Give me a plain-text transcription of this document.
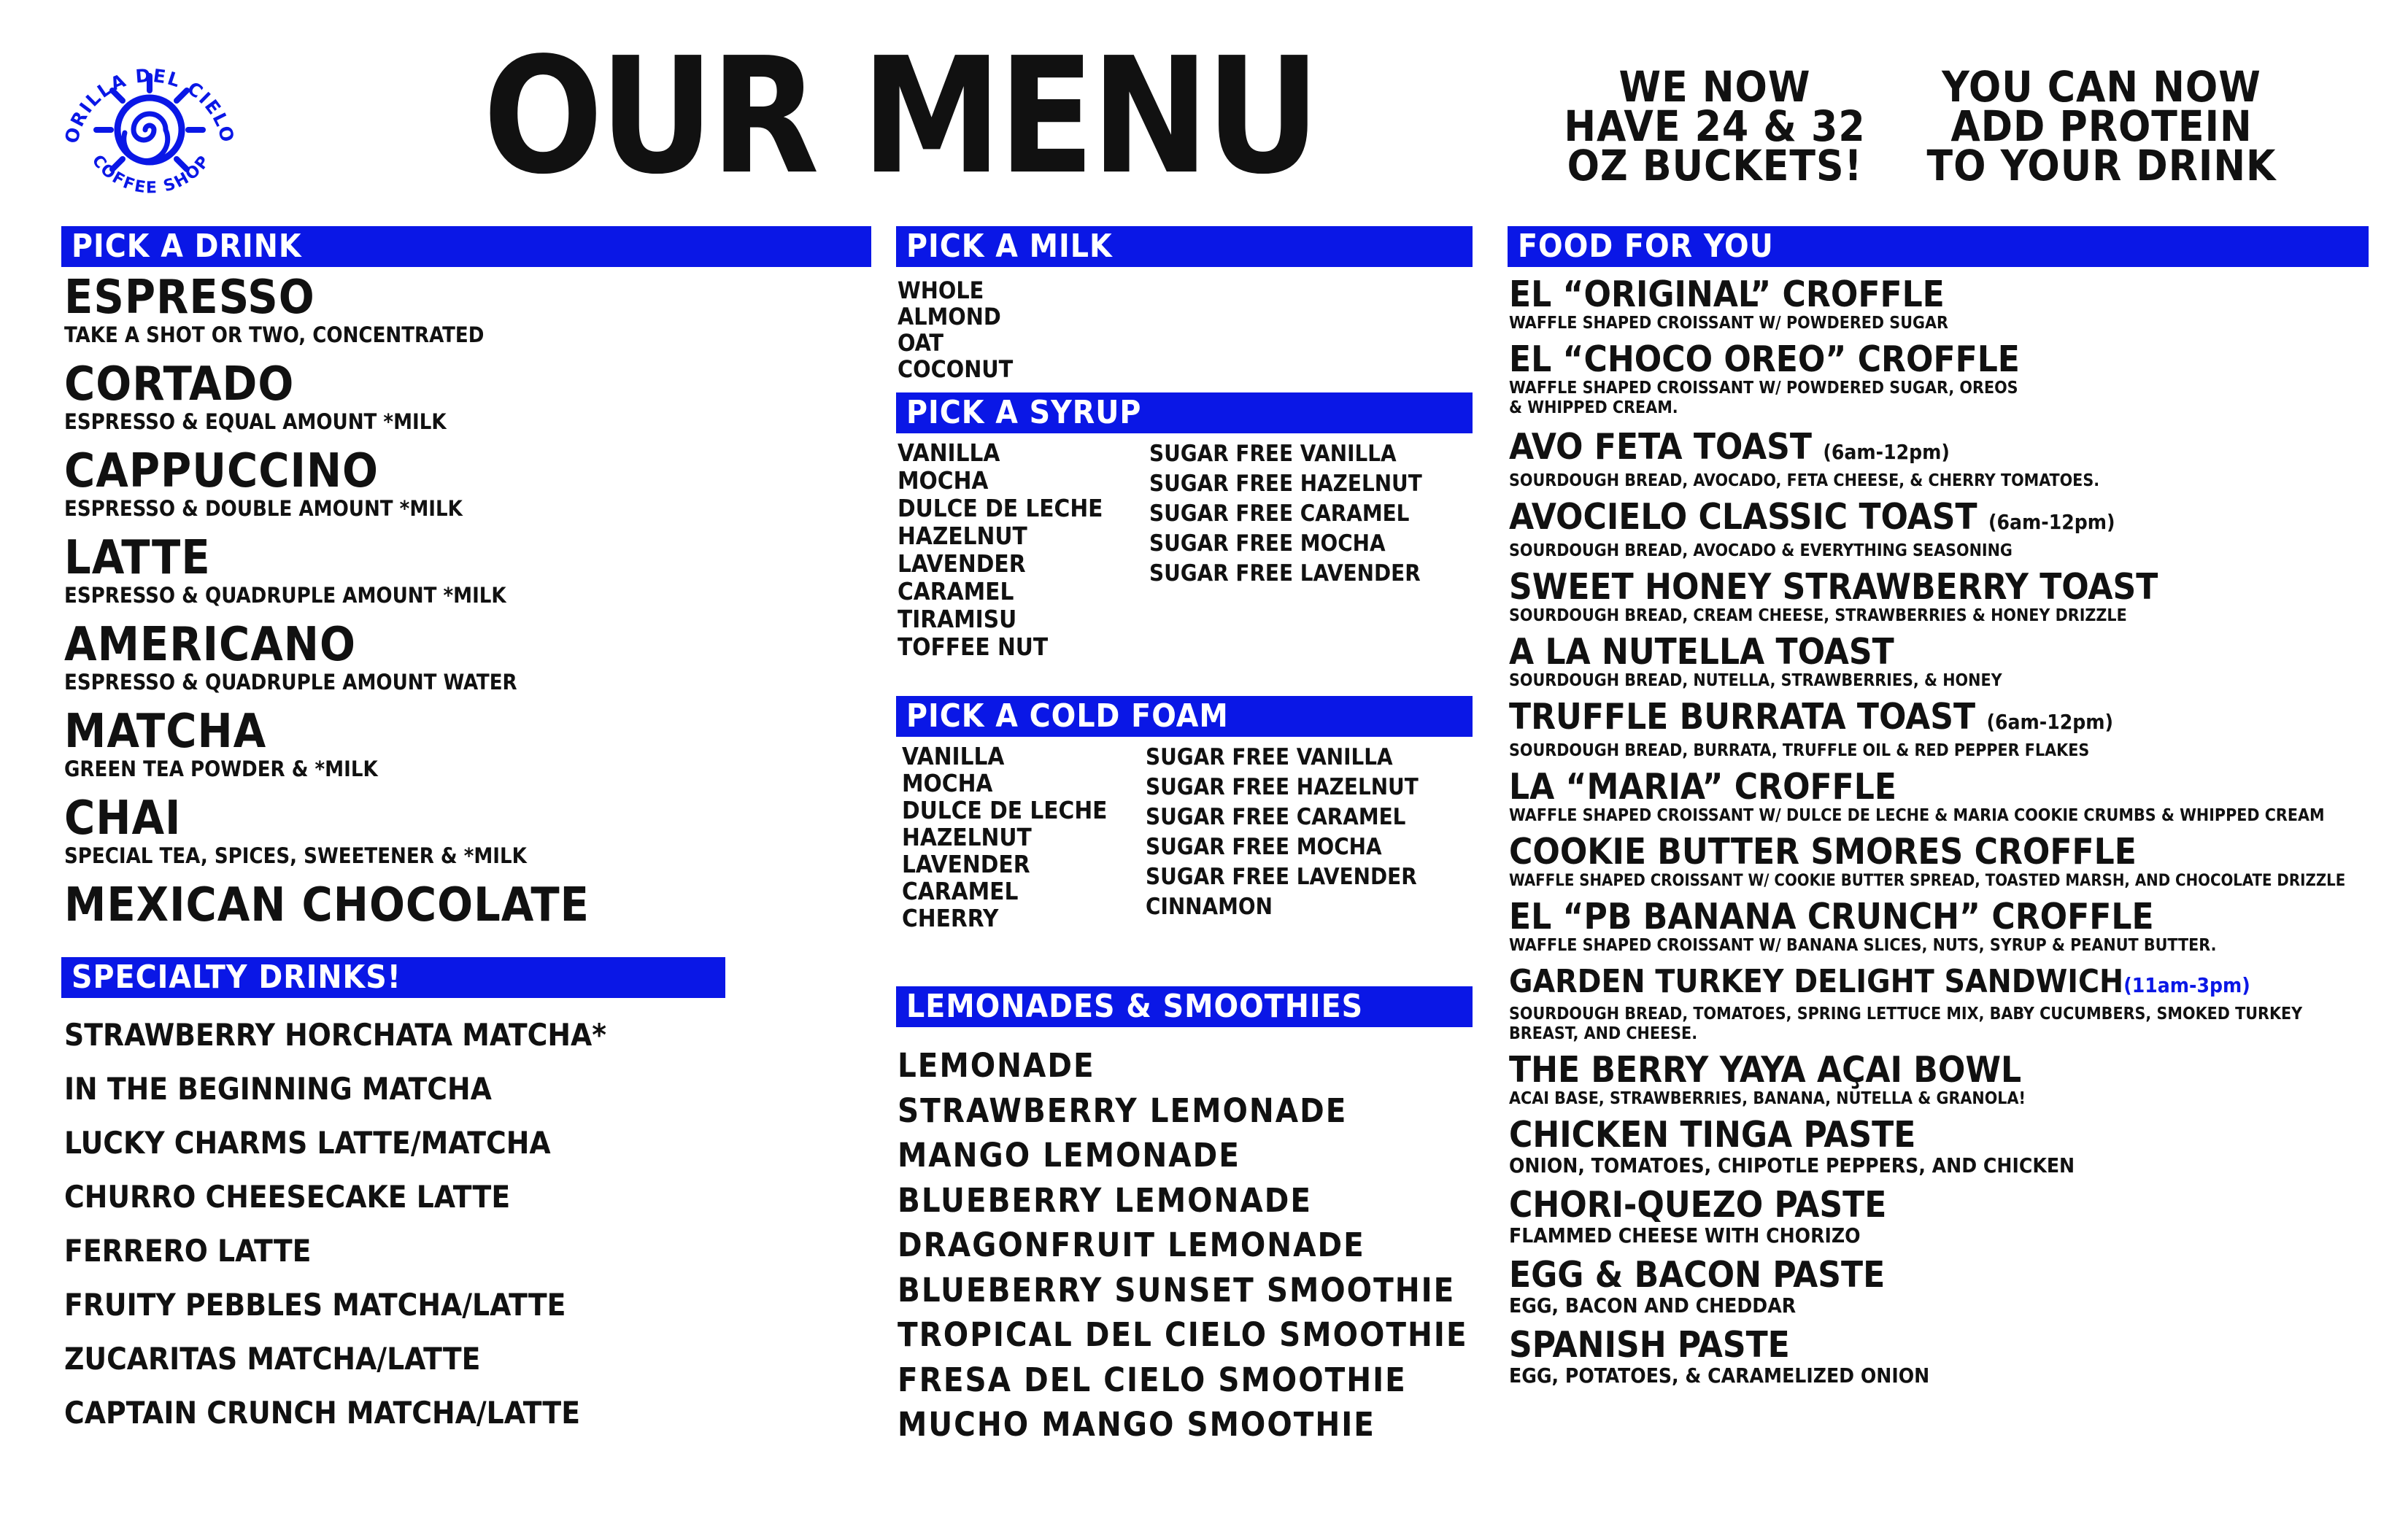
ORILLA DEL CIELO
COFFEE SHOP OUR MENU	WE NOW HAVE 24 & 32 OZ BUCKETS!
YOU CAN NOW ADD PROTEIN TO YOUR DRINK
PICK A DRINK
ESPRESSO
TAKE A SHOT OR TWO, CONCENTRATED
CORTADO
ESPRESSO & EQUAL AMOUNT *MILK
CAPPUCCINO
ESPRESSO & DOUBLE AMOUNT *MILK
LATTE
ESPRESSO & QUADRUPLE AMOUNT *MILK
AMERICANO
ESPRESSO & QUADRUPLE AMOUNT WATER
MATCHA
GREEN TEA POWDER & *MILK
CHAI
SPECIAL TEA, SPICES, SWEETENER & *MILK
MEXICAN CHOCOLATE
SPECIALTY DRINKS!
STRAWBERRY HORCHATA MATCHA*
IN THE BEGINNING MATCHA
LUCKY CHARMS LATTE/MATCHA
CHURRO CHEESECAKE LATTE
FERRERO LATTE
FRUITY PEBBLES MATCHA/LATTE
ZUCARITAS MATCHA/LATTE
CAPTAIN CRUNCH MATCHA/LATTE
PICK A MILK
WHOLE
ALMOND
OAT
COCONUT
PICK A SYRUP
VANILLA
MOCHA
DULCE DE LECHE
HAZELNUT
LAVENDER
CARAMEL
TIRAMISU
TOFFEE NUT
SUGAR FREE VANILLA
SUGAR FREE HAZELNUT
SUGAR FREE CARAMEL
SUGAR FREE MOCHA
SUGAR FREE LAVENDER
PICK A COLD FOAM
VANILLA
MOCHA
DULCE DE LECHE
HAZELNUT
LAVENDER
CARAMEL
CHERRY
SUGAR FREE VANILLA
SUGAR FREE HAZELNUT
SUGAR FREE CARAMEL
SUGAR FREE MOCHA
SUGAR FREE LAVENDER
CINNAMON
LEMONADES & SMOOTHIES
LEMONADE
STRAWBERRY LEMONADE
MANGO LEMONADE
BLUEBERRY LEMONADE
DRAGONFRUIT LEMONADE
BLUEBERRY SUNSET SMOOTHIE
TROPICAL DEL CIELO SMOOTHIE
FRESA DEL CIELO SMOOTHIE
MUCHO MANGO SMOOTHIE
FOOD FOR YOU
EL “ORIGINAL” CROFFLE
WAFFLE SHAPED CROISSANT W/ POWDERED SUGAR
EL “CHOCO OREO” CROFFLE
WAFFLE SHAPED CROISSANT W/ POWDERED SUGAR, OREOS & WHIPPED CREAM.
AVO FETA TOAST (6am-12pm)
SOURDOUGH BREAD, AVOCADO, FETA CHEESE, & CHERRY TOMATOES.
AVOCIELO CLASSIC TOAST (6am-12pm)
SOURDOUGH BREAD, AVOCADO & EVERYTHING SEASONING
SWEET HONEY STRAWBERRY TOAST
SOURDOUGH BREAD, CREAM CHEESE, STRAWBERRIES & HONEY DRIZZLE
A LA NUTELLA TOAST
SOURDOUGH BREAD, NUTELLA, STRAWBERRIES, & HONEY
TRUFFLE BURRATA TOAST (6am-12pm)
SOURDOUGH BREAD, BURRATA, TRUFFLE OIL & RED PEPPER FLAKES
LA “MARIA” CROFFLE
WAFFLE SHAPED CROISSANT W/ DULCE DE LECHE & MARIA COOKIE CRUMBS & WHIPPED CREAM
COOKIE BUTTER SMORES CROFFLE
WAFFLE SHAPED CROISSANT W/ COOKIE BUTTER SPREAD, TOASTED MARSH, AND CHOCOLATE DRIZZLE
EL “PB BANANA CRUNCH” CROFFLE
WAFFLE SHAPED CROISSANT W/ BANANA SLICES, NUTS, SYRUP & PEANUT BUTTER.
GARDEN TURKEY DELIGHT SANDWICH(11am-3pm)
SOURDOUGH BREAD, TOMATOES, SPRING LETTUCE MIX, BABY CUCUMBERS, SMOKED TURKEY BREAST, AND CHEESE.
THE BERRY YAYA AÇAI BOWL
ACAI BASE, STRAWBERRIES, BANANA, NUTELLA & GRANOLA!
CHICKEN TINGA PASTE
ONION, TOMATOES, CHIPOTLE PEPPERS, AND CHICKEN
CHORI-QUEZO PASTE
FLAMMED CHEESE WITH CHORIZO
EGG & BACON PASTE
EGG, BACON AND CHEDDAR
SPANISH PASTE
EGG, POTATOES, & CARAMELIZED ONION
